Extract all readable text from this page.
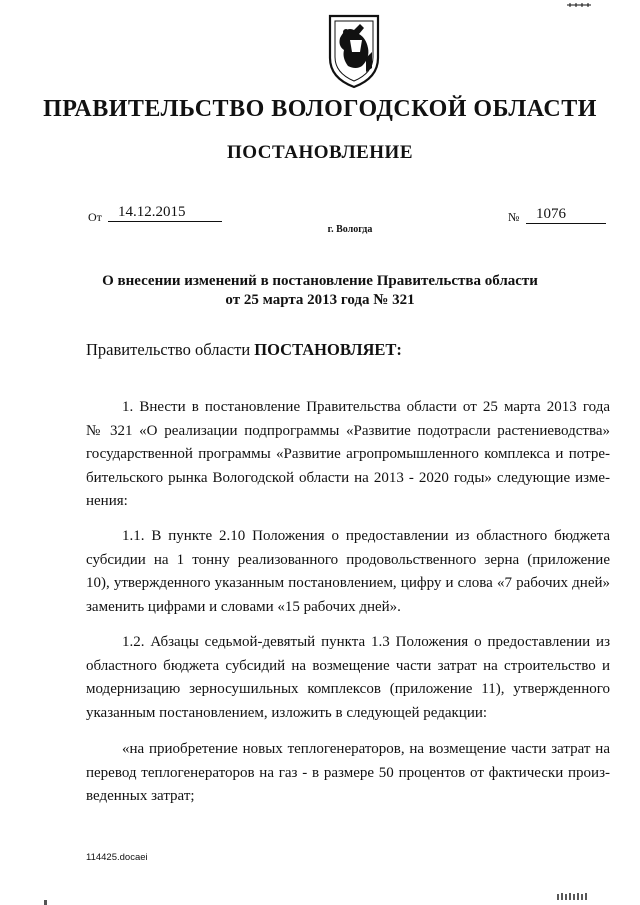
ПРАВИТЕЛЬСТВО ВОЛОГОДСКОЙ ОБЛАСТИ
ПОСТАНОВЛЕНИЕ
От 14.12.2015	№ 1076
г. Вологда
О внесении изменений в постановление Правительства области
от 25 марта 2013 года № 321
Правительство области ПОСТАНОВЛЯЕТ:
1. Внести в постановление Правительства области от 25 марта 2013 года
№ 321 «О реализации подпрограммы «Развитие подотрасли растениеводства»
государственной программы «Развитие агропромышленного комплекса и потре-
бительского рынка Вологодской области на 2013 - 2020 годы» следующие изме-
нения:
1.1. В пункте 2.10 Положения о предоставлении из областного бюджета
субсидии на 1 тонну реализованного продовольственного зерна (приложение
10), утвержденного указанным постановлением, цифру и слова «7 рабочих дней»
заменить цифрами и словами «15 рабочих дней».
1.2. Абзацы седьмой-девятый пункта 1.3 Положения о предоставлении из
областного бюджета субсидий на возмещение части затрат на строительство и
модернизацию зерносушильных комплексов (приложение 11), утвержденного
указанным постановлением, изложить в следующей редакции:
«на приобретение новых теплогенераторов, на возмещение части затрат на
перевод теплогенераторов на газ - в размере 50 процентов от фактически произ-
веденных затрат;
114425.docaei
